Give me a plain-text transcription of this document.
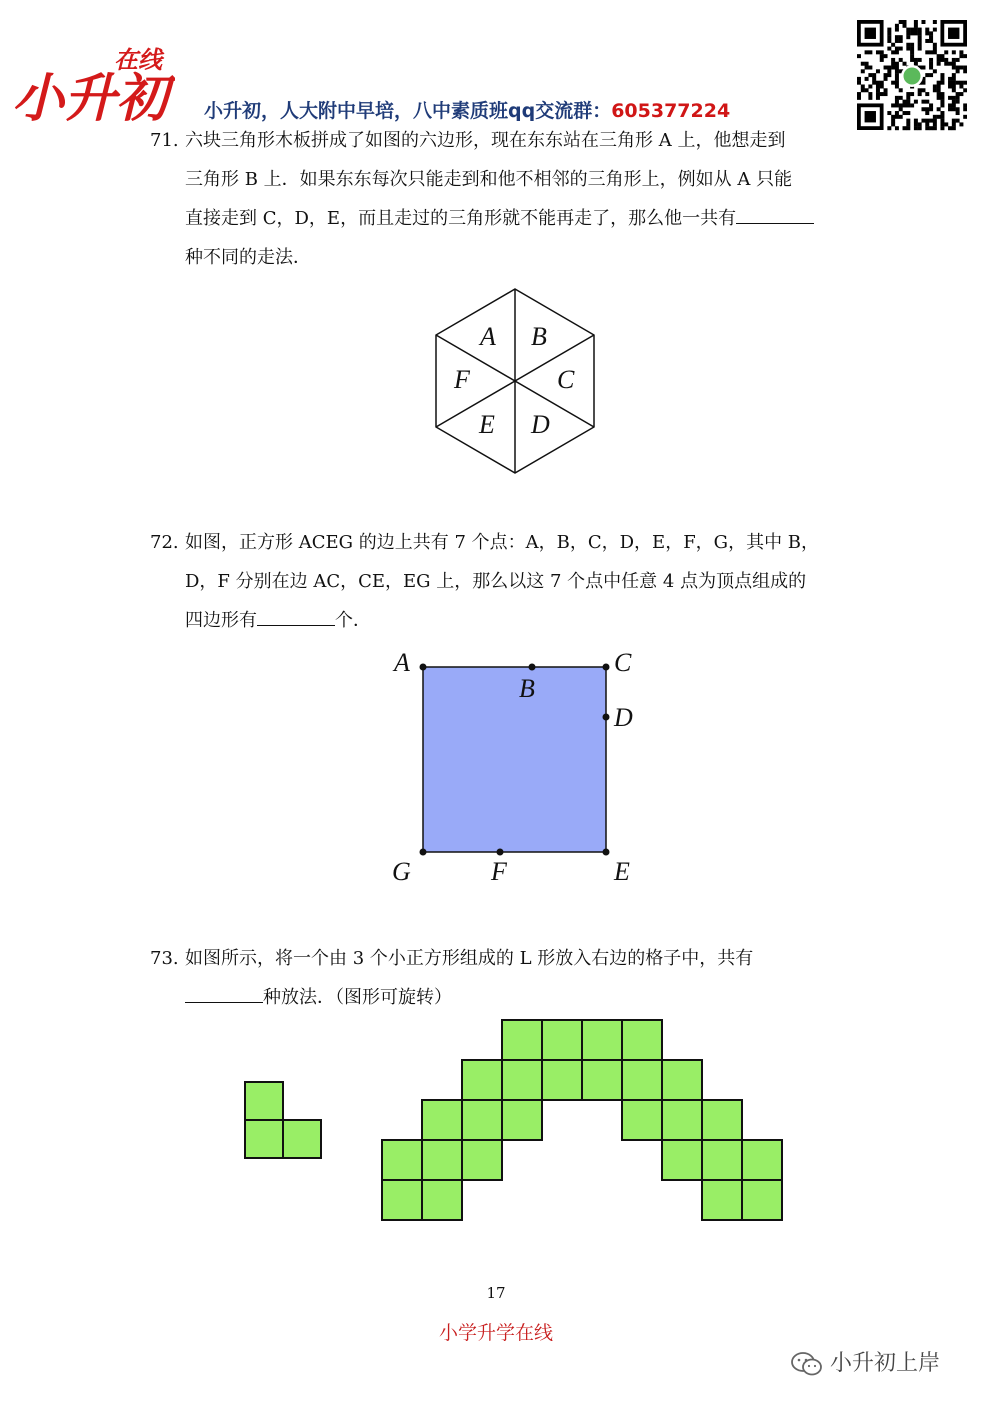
小升初
在线
小升初，人大附中早培，八中素质班qq交流群：605377224
71. 六块三角形木板拼成了如图的六边形，现在东东站在三角形 A 上，他想走到
三角形 B 上．如果东东每次只能走到和他不相邻的三角形上，例如从 A 只能
直接走到 C，D，E，而且走过的三角形就不能再走了，那么他一共有
种不同的走法．
A B
C
D
E
F
72. 如图，正方形 ACEG 的边上共有 7 个点：A，B，C，D，E，F，G，其中 B，
D，F 分别在边 AC，CE，EG 上，那么以这 7 个点中任意 4 点为顶点组成的
四边形有	个．
A
B
C
D
E
F
G
73. 如图所示，将一个由 3 个小正方形组成的 L 形放入右边的格子中，共有
种放法．（图形可旋转）
17
小学升学在线
小升初上岸
